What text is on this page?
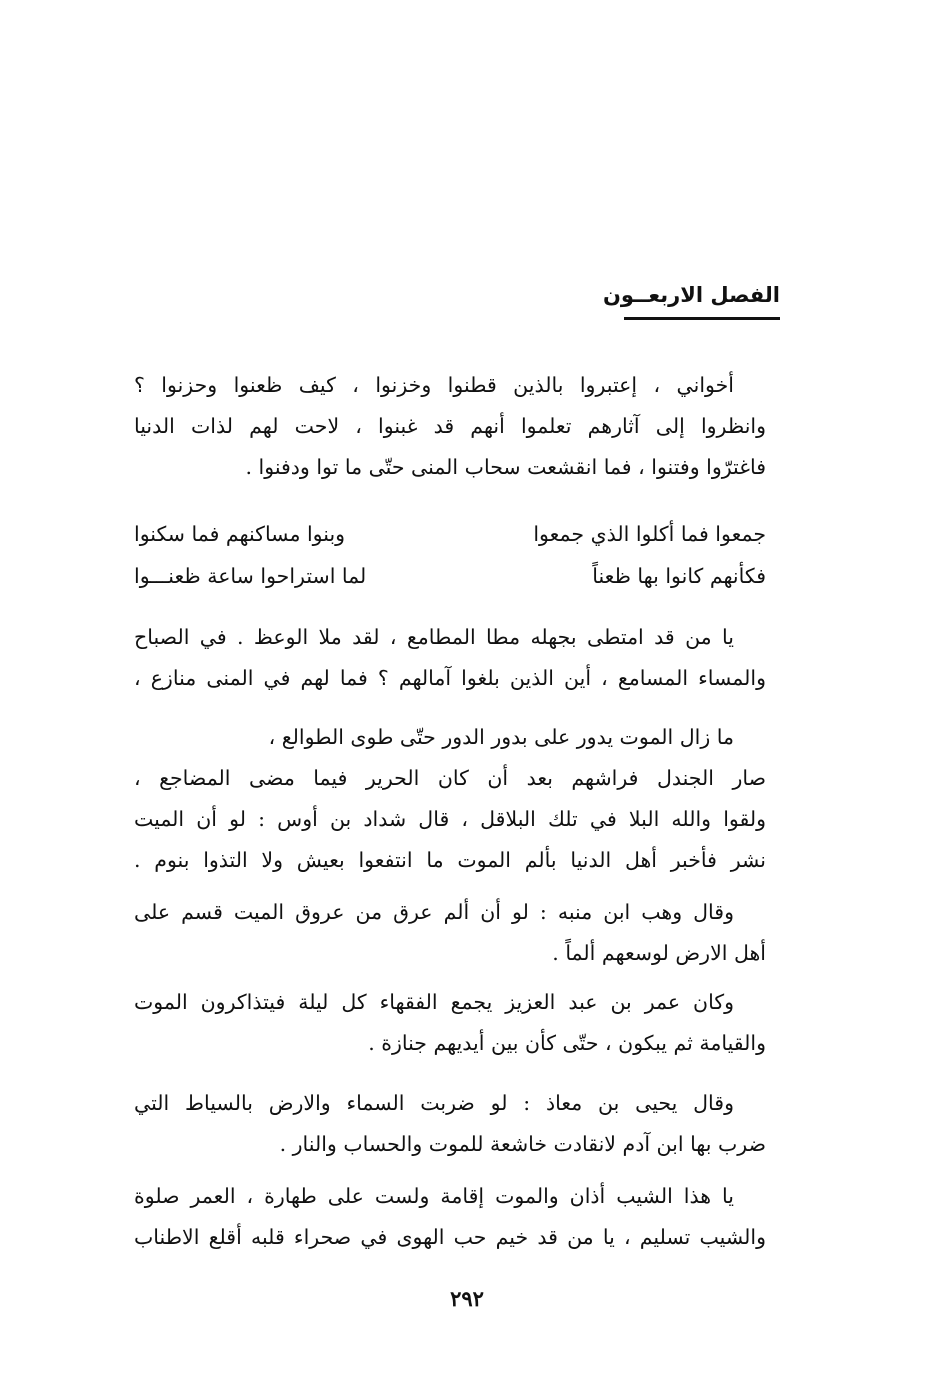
الفصل الاربعــون
أخواني ، إعتبروا بالذين قطنوا وخزنوا ، كيف ظعنوا وحزنوا ؟
وانظروا إلى آثارهم تعلموا أنهم قد غبنوا ، لاحت لهم لذات الدنيا
فاغترّوا وفتنوا ، فما انقشعت سحاب المنى حتّى ما توا ودفنوا .
جمعوا فما أكلوا الذي جمعوا
وبنوا مساكنهم فما سكنوا
فكأنهم كانوا بها ظعناً
لما استراحوا ساعة ظعنـــوا
يا من قد امتطى بجهله مطا المطامع ، لقد ملا الوعظ . في الصباح
والمساء المسامع ، أين الذين بلغوا آمالهم ؟ فما لهم في المنى منازع ،
ما زال الموت يدور على بدور الدور حتّى طوى الطوالع ،
صار الجندل فراشهم بعد أن كان الحرير فيما مضى المضاجع ،
ولقوا والله البلا في تلك البلاقل ، قال شداد بن أوس : لو أن الميت
نشر فأخبر أهل الدنيا بألم الموت ما انتفعوا بعيش ولا التذوا بنوم .
وقال وهب ابن منبه : لو أن ألم عرق من عروق الميت قسم على
أهل الارض لوسعهم ألماً .
وكان عمر بن عبد العزيز يجمع الفقهاء كل ليلة فيتذاكرون الموت
والقيامة ثم يبكون ، حتّى كأن بين أيديهم جنازة .
وقال يحيى بن معاذ : لو ضربت السماء والارض بالسياط التي
ضرب بها ابن آدم لانقادت خاشعة للموت والحساب والنار .
يا هذا الشيب أذان والموت إقامة ولست على طهارة ، العمر صلوة
والشيب تسليم ، يا من قد خيم حب الهوى في صحراء قلبه أقلع الاطناب
٢٩٢
